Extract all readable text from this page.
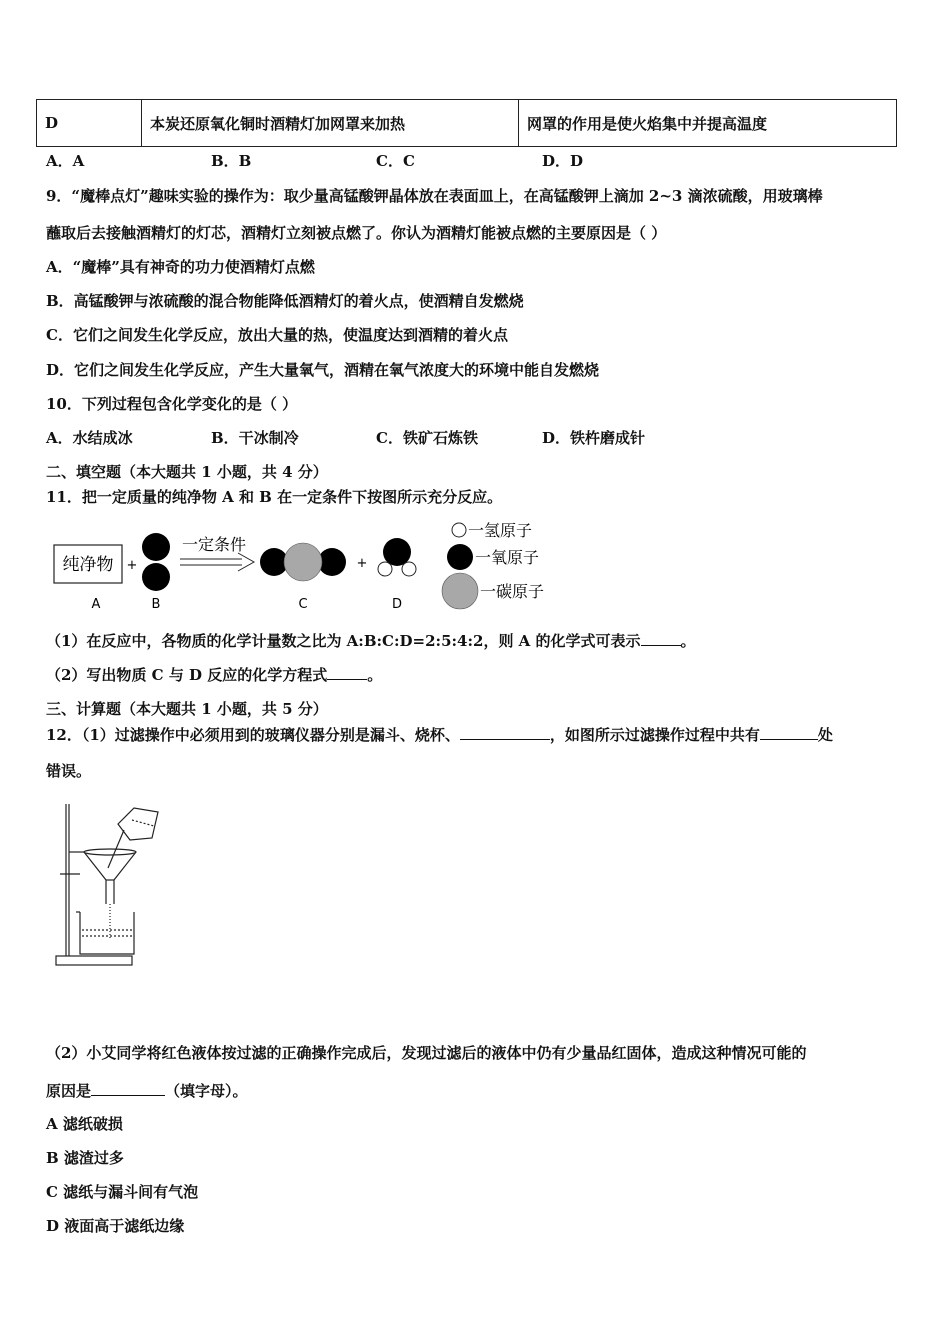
D	本炭还原氧化铜时酒精灯加网罩来加热	网罩的作用是使火焰集中并提高温度
A．A	B．B	C．C	D．D
9．“魔棒点灯”趣味实验的操作为：取少量高锰酸钾晶体放在表面皿上，在高锰酸钾上滴加 2~3 滴浓硫酸，用玻璃棒
蘸取后去接触酒精灯的灯芯，酒精灯立刻被点燃了。你认为酒精灯能被点燃的主要原因是（ ）
A．“魔棒”具有神奇的功力使酒精灯点燃
B．高锰酸钾与浓硫酸的混合物能降低酒精灯的着火点，使酒精自发燃烧
C．它们之间发生化学反应，放出大量的热，使温度达到酒精的着火点
D．它们之间发生化学反应，产生大量氧气，酒精在氧气浓度大的环境中能自发燃烧
10．下列过程包含化学变化的是（ ）
A．水结成冰	B．干冰制冷	C．铁矿石炼铁	D．铁杵磨成针
二、填空题（本大题共 1 小题，共 4 分）
11．把一定质量的纯净物 A 和 B 在一定条件下按图所示充分反应。
纯净物 +
一定条件
+
A	B	C	D
一氢原子
一氧原子
一碳原子
（1）在反应中，各物质的化学计量数之比为 A:B:C:D=2:5:4:2，则 A 的化学式可表示	。
（2）写出物质 C 与 D 反应的化学方程式	。
三、计算题（本大题共 1 小题，共 5 分）
12．（1）过滤操作中必须用到的玻璃仪器分别是漏斗、烧杯、	，如图所示过滤操作过程中共有	处
错误。
（2）小艾同学将红色液体按过滤的正确操作完成后，发现过滤后的液体中仍有少量品红固体，造成这种情况可能的
原因是	（填字母）。
A 滤纸破损
B 滤渣过多
C 滤纸与漏斗间有气泡
D 液面高于滤纸边缘
